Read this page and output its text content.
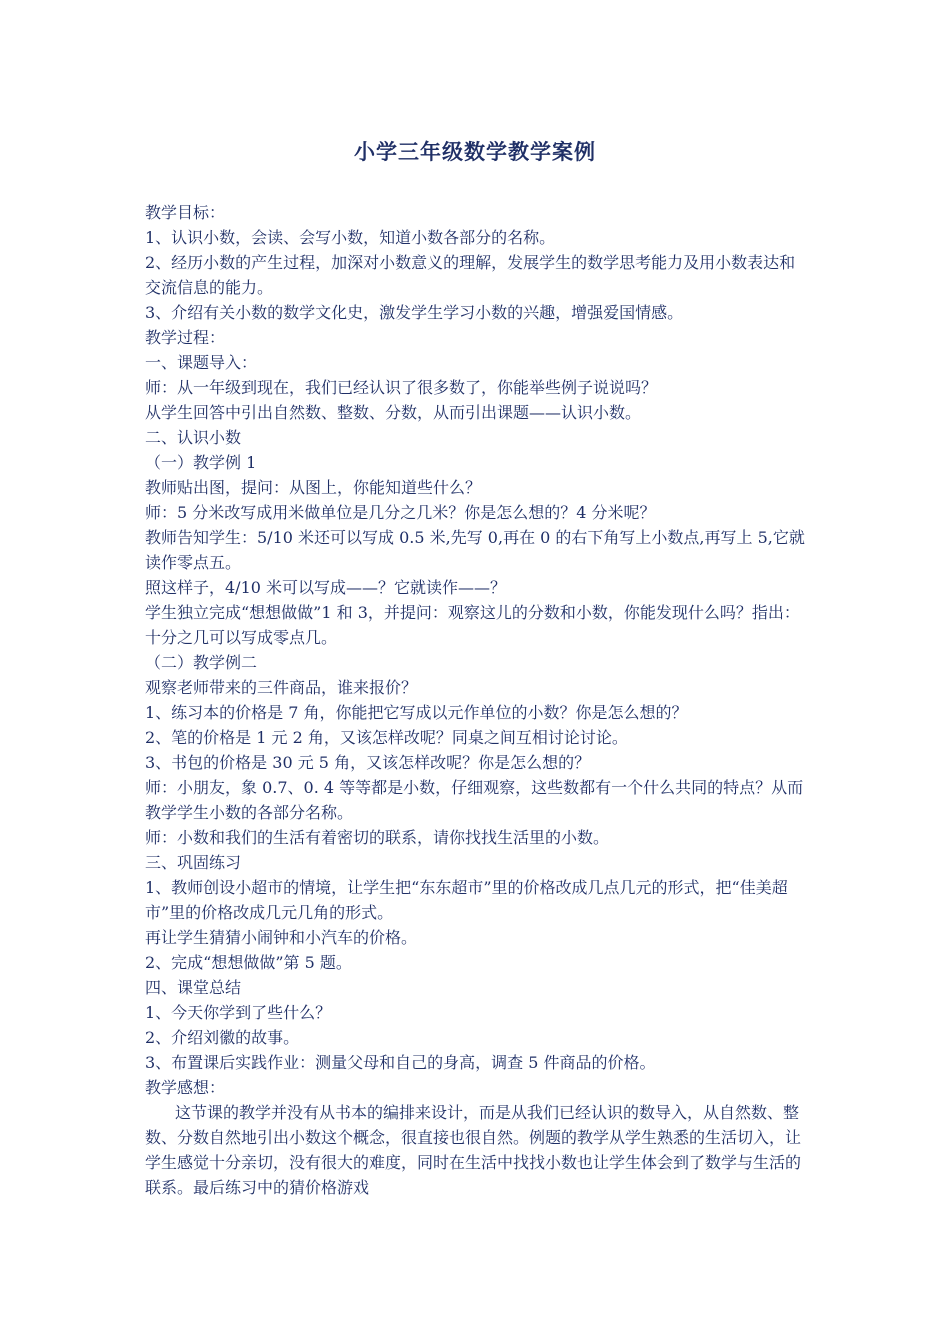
小学三年级数学教学案例

教学目标：

1、认识小数，会读、会写小数，知道小数各部分的名称。

2、经历小数的产生过程，加深对小数意义的理解，发展学生的数学思考能力及用小数表达和交流信息的能力。

3、介绍有关小数的数学文化史，激发学生学习小数的兴趣，增强爱国情感。

教学过程：

一、课题导入：

师：从一年级到现在，我们已经认识了很多数了，你能举些例子说说吗？

从学生回答中引出自然数、整数、分数，从而引出课题——认识小数。

二、认识小数

（一）教学例 1

教师贴出图，提问：从图上，你能知道些什么？

师：5 分米改写成用米做单位是几分之几米？你是怎么想的？4 分米呢？

教师告知学生：5/10 米还可以写成 0.5 米,先写 0,再在 0 的右下角写上小数点,再写上 5,它就读作零点五。

照这样子，4/10 米可以写成——？它就读作——？

学生独立完成“想想做做”1 和 3，并提问：观察这儿的分数和小数，你能发现什么吗？指出：十分之几可以写成零点几。

（二）教学例二

观察老师带来的三件商品，谁来报价？

1、练习本的价格是 7 角，你能把它写成以元作单位的小数？你是怎么想的？

2、笔的价格是 1 元 2 角，又该怎样改呢？同桌之间互相讨论讨论。

3、书包的价格是 30 元 5 角，又该怎样改呢？你是怎么想的？

师：小朋友，象 0.7、0. 4 等等都是小数，仔细观察，这些数都有一个什么共同的特点？从而教学学生小数的各部分名称。

师：小数和我们的生活有着密切的联系，请你找找生活里的小数。

三、巩固练习

1、教师创设小超市的情境，让学生把“东东超市”里的价格改成几点几元的形式，把“佳美超市”里的价格改成几元几角的形式。

再让学生猜猜小闹钟和小汽车的价格。

2、完成“想想做做”第 5 题。

四、课堂总结

1、今天你学到了些什么？

2、介绍刘徽的故事。

3、布置课后实践作业：测量父母和自己的身高，调查 5 件商品的价格。

教学感想：

这节课的教学并没有从书本的编排来设计，而是从我们已经认识的数导入，从自然数、整数、分数自然地引出小数这个概念，很直接也很自然。例题的教学从学生熟悉的生活切入，让学生感觉十分亲切，没有很大的难度，同时在生活中找找小数也让学生体会到了数学与生活的联系。最后练习中的猜价格游戏
